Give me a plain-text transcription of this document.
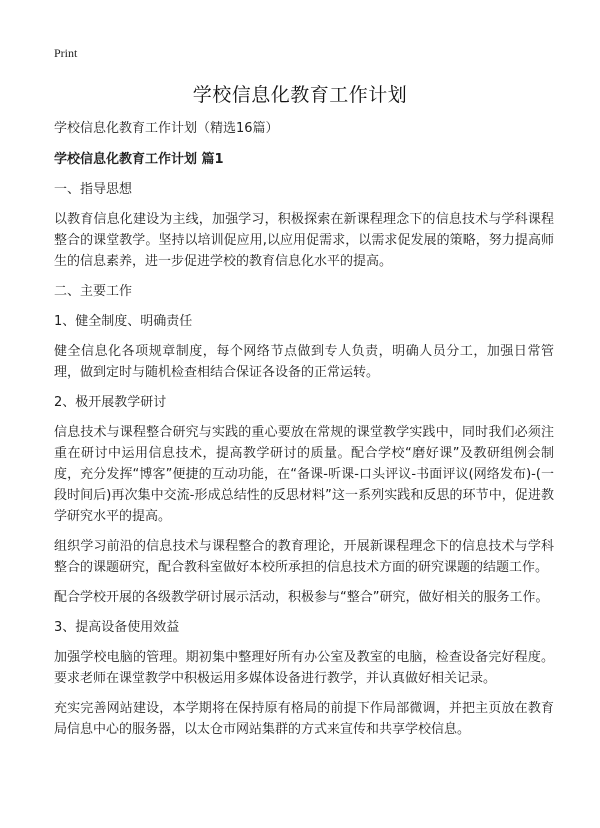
Print
学校信息化教育工作计划

学校信息化教育工作计划（精选16篇）

学校信息化教育工作计划 篇1

一、指导思想

以教育信息化建设为主线，加强学习，积极探索在新课程理念下的信息技术与学科课程整合的课堂教学。坚持以培训促应用,以应用促需求，以需求促发展的策略，努力提高师生的信息素养，进一步促进学校的教育信息化水平的提高。

二、主要工作

1、健全制度、明确责任

健全信息化各项规章制度，每个网络节点做到专人负责，明确人员分工，加强日常管理，做到定时与随机检查相结合保证各设备的正常运转。

2、极开展教学研讨

信息技术与课程整合研究与实践的重心要放在常规的课堂教学实践中，同时我们必须注重在研讨中运用信息技术，提高教学研讨的质量。配合学校“磨好课”及教研组例会制度，充分发挥“博客”便捷的互动功能，在“备课-听课-口头评议-书面评议(网络发布)-(一段时间后)再次集中交流-形成总结性的反思材料”这一系列实践和反思的环节中，促进教学研究水平的提高。

组织学习前沿的信息技术与课程整合的教育理论，开展新课程理念下的信息技术与学科整合的课题研究，配合教科室做好本校所承担的信息技术方面的研究课题的结题工作。

配合学校开展的各级教学研讨展示活动，积极参与“整合”研究，做好相关的服务工作。

3、提高设备使用效益

加强学校电脑的管理。期初集中整理好所有办公室及教室的电脑，检查设备完好程度。要求老师在课堂教学中积极运用多媒体设备进行教学，并认真做好相关记录。

充实完善网站建设，本学期将在保持原有格局的前提下作局部微调，并把主页放在教育局信息中心的服务器，以太仓市网站集群的方式来宣传和共享学校信息。
